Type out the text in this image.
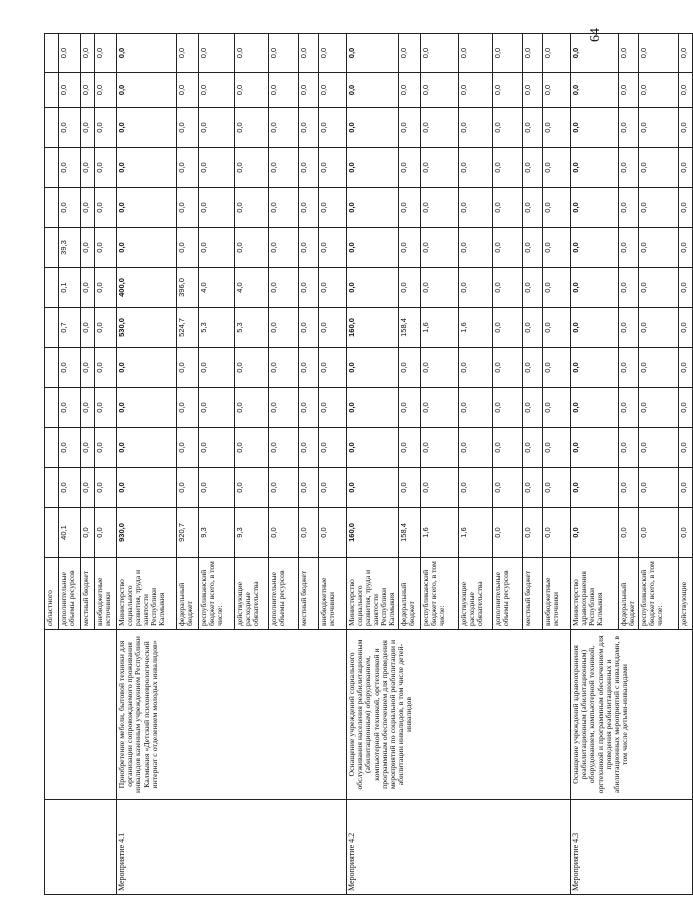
64
		областного													
		дополнительные объемы ресурсов	40,1	0,0	0,0	0,0	0,0	0,7	0,1	39,3	0,0	0,0	0,0	0,0	0,0
		местный бюджет	0,0	0,0	0,0	0,0	0,0	0,0	0,0	0,0	0,0	0,0	0,0	0,0	0,0
		внебюджетные источники	0,0	0,0	0,0	0,0	0,0	0,0	0,0	0,0	0,0	0,0	0,0	0,0	0,0
Мероприятие 4.1	Приобретение мебели, бытовой техники для организации сопровождаемого проживания инвалидов казенным учреждением Республики Калмыкия «Детский психоневрологический интернат с отделением молодых инвалидов»	Министерство социального развития, труда и занятости Республики Калмыкия	930,0	0,0	0,0	0,0	0,0	530,0	400,0	0,0	0,0	0,0	0,0	0,0	0,0
		федеральный бюджет	920,7	0,0	0,0	0,0	0,0	524,7	396,0	0,0	0,0	0,0	0,0	0,0	0,0
		республиканский бюджет всего, в том числе:	9,3	0,0	0,0	0,0	0,0	5,3	4,0	0,0	0,0	0,0	0,0	0,0	0,0
		действующие расходные обязательства	9,3	0,0	0,0	0,0	0,0	5,3	4,0	0,0	0,0	0,0	0,0	0,0	0,0
		дополнительные объемы ресурсов	0,0	0,0	0,0	0,0	0,0	0,0	0,0	0,0	0,0	0,0	0,0	0,0	0,0
		местный бюджет	0,0	0,0	0,0	0,0	0,0	0,0	0,0	0,0	0,0	0,0	0,0	0,0	0,0
		внебюджетные источники	0,0	0,0	0,0	0,0	0,0	0,0	0,0	0,0	0,0	0,0	0,0	0,0	0,0
Мероприятие 4.2	Оснащение учреждений социального обслуживания населения реабилитационным (абилитационным) оборудованием, компьютерной техникой, оргтехникой и программным обеспечением для проведения мероприятий по социальной реабилитации и абилитации инвалидов, в том числе детей-инвалидов	Министерство социального развития, труда и занятости Республики Калмыкия	160,0	0,0	0,0	0,0	0,0	160,0	0,0	0,0	0,0	0,0	0,0	0,0	0,0
		федеральный бюджет	158,4	0,0	0,0	0,0	0,0	158,4	0,0	0,0	0,0	0,0	0,0	0,0	0,0
		республиканский бюджет всего, в том числе:	1,6	0,0	0,0	0,0	0,0	1,6	0,0	0,0	0,0	0,0	0,0	0,0	0,0
		действующие расходные обязательства	1,6	0,0	0,0	0,0	0,0	1,6	0,0	0,0	0,0	0,0	0,0	0,0	0,0
		дополнительные объемы ресурсов	0,0	0,0	0,0	0,0	0,0	0,0	0,0	0,0	0,0	0,0	0,0	0,0	0,0
		местный бюджет	0,0	0,0	0,0	0,0	0,0	0,0	0,0	0,0	0,0	0,0	0,0	0,0	0,0
		внебюджетные источники	0,0	0,0	0,0	0,0	0,0	0,0	0,0	0,0	0,0	0,0	0,0	0,0	0,0
Мероприятие 4.3	Оснащение учреждений здравоохранения реабилитационным (абилитационным) оборудованием, компьютерной техникой, оргтехникой и программным обеспечением для проведения реабилитационных и абилитационных мероприятий с инвалидами, в том числе детьми-инвалидами	Министерство здравоохранения Республики Калмыкия	0,0	0,0	0,0	0,0	0,0	0,0	0,0	0,0	0,0	0,0	0,0	0,0	0,0
		федеральный бюджет	0,0	0,0	0,0	0,0	0,0	0,0	0,0	0,0	0,0	0,0	0,0	0,0	0,0
		республиканский бюджет всего, в том числе:	0,0	0,0	0,0	0,0	0,0	0,0	0,0	0,0	0,0	0,0	0,0	0,0	0,0
		действующие	0,0	0,0	0,0	0,0	0,0	0,0	0,0	0,0	0,0	0,0	0,0	0,0	0,0
